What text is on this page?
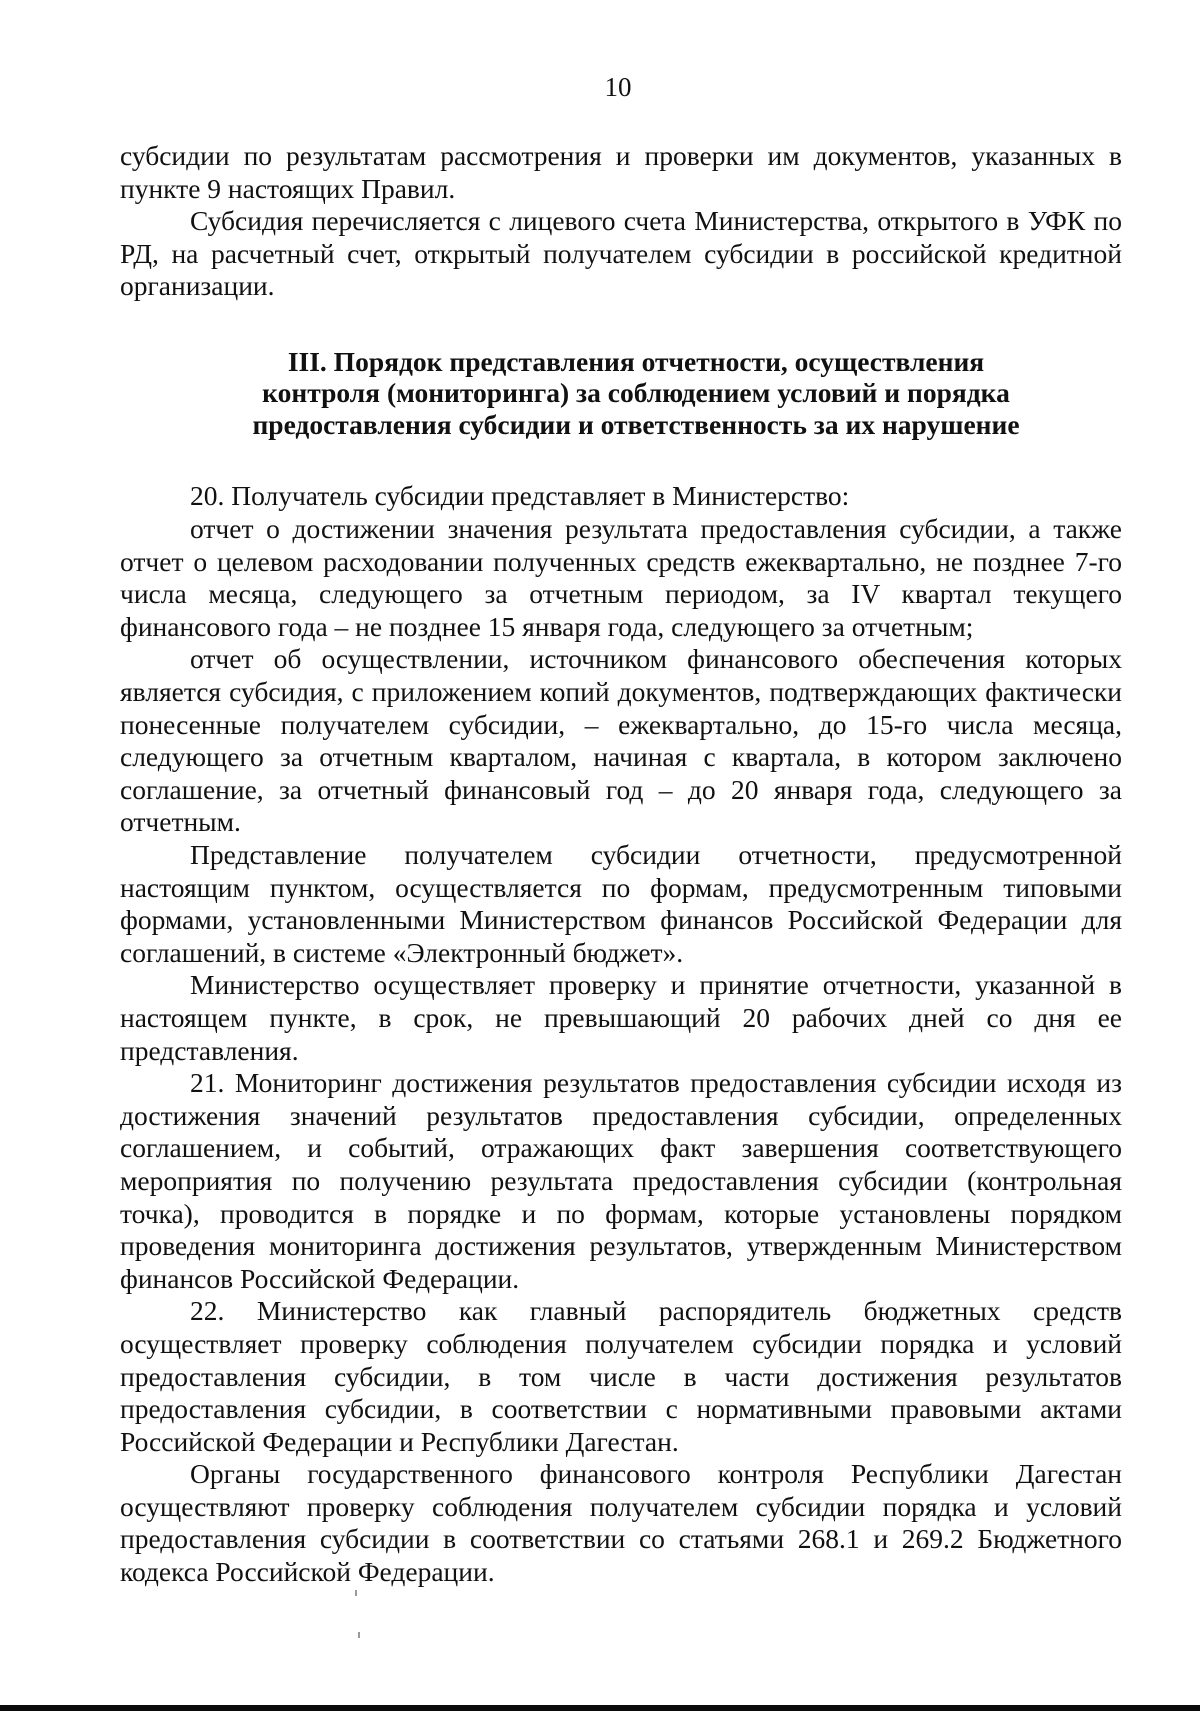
10

субсидии по результатам рассмотрения и проверки им документов, указанных в пункте 9 настоящих Правил.

Субсидия перечисляется с лицевого счета Министерства, открытого в УФК по РД, на расчетный счет, открытый получателем субсидии в российской кредитной организации.

III. Порядок представления отчетности, осуществления
контроля (мониторинга) за соблюдением условий и порядка
предоставления субсидии и ответственность за их нарушение

20. Получатель субсидии представляет в Министерство:

отчет о достижении значения результата предоставления субсидии, а также отчет о целевом расходовании полученных средств ежеквартально, не позднее 7-го числа месяца, следующего за отчетным периодом, за IV квартал текущего финансового года – не позднее 15 января года, следующего за отчетным;

отчет об осуществлении, источником финансового обеспечения которых является субсидия, с приложением копий документов, подтверждающих фактически понесенные получателем субсидии, – ежеквартально, до 15-го числа месяца, следующего за отчетным кварталом, начиная с квартала, в котором заключено соглашение, за отчетный финансовый год – до 20 января года, следующего за отчетным.

Представление получателем субсидии отчетности, предусмотренной настоящим пунктом, осуществляется по формам, предусмотренным типовыми формами, установленными Министерством финансов Российской Федерации для соглашений, в системе «Электронный бюджет».

Министерство осуществляет проверку и принятие отчетности, указанной в настоящем пункте, в срок, не превышающий 20 рабочих дней со дня ее представления.

21. Мониторинг достижения результатов предоставления субсидии исходя из достижения значений результатов предоставления субсидии, определенных соглашением, и событий, отражающих факт завершения соответствующего мероприятия по получению результата предоставления субсидии (контрольная точка), проводится в порядке и по формам, которые установлены порядком проведения мониторинга достижения результатов, утвержденным Министерством финансов Российской Федерации.

22. Министерство как главный распорядитель бюджетных средств осуществляет проверку соблюдения получателем субсидии порядка и условий предоставления субсидии, в том числе в части достижения результатов предоставления субсидии, в соответствии с нормативными правовыми актами Российской Федерации и Республики Дагестан.

Органы государственного финансового контроля Республики Дагестан осуществляют проверку соблюдения получателем субсидии порядка и условий предоставления субсидии в соответствии со статьями 268.1 и 269.2 Бюджетного кодекса Российской Федерации.
